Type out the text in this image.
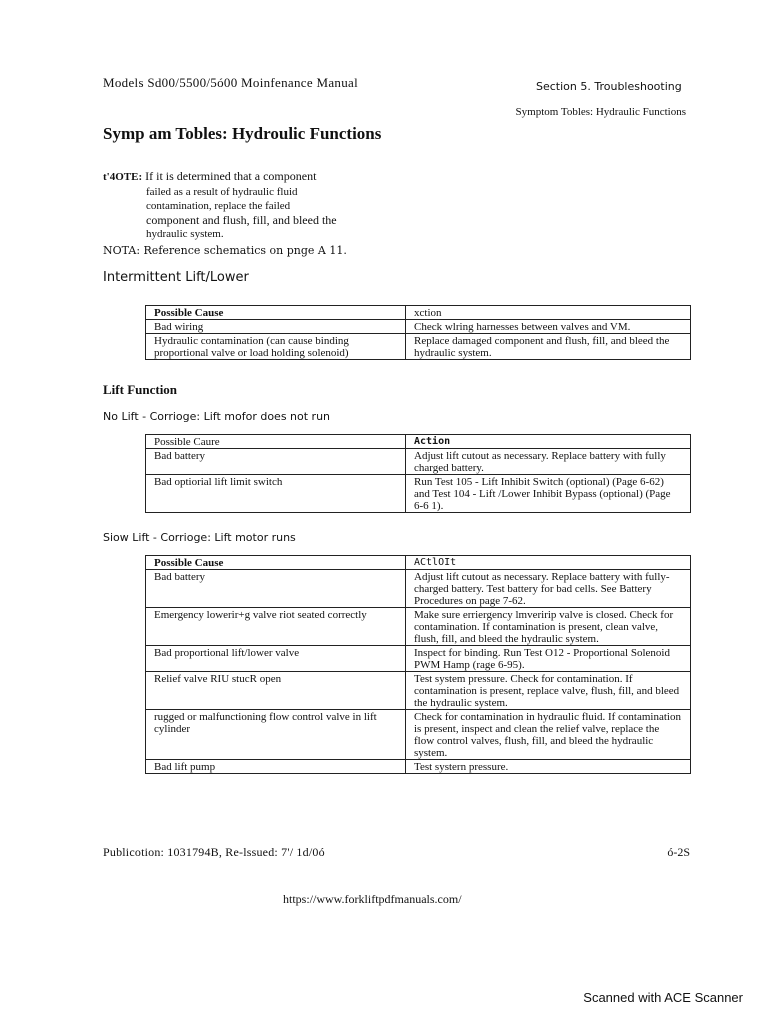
Models Sd00/5500/5ó00 Moinfenance Manual	Section 5. Troubleshooting
Symptom Tobles: Hydraulic Functions
Symp am Tobles: Hydroulic Functions
t'4OTE: If it is determined that a component
failed as a result of hydraulic fluid
contamination, replace the failed
component and flush, fill, and bleed the
hydraulic system.
NOTA: Reference schematics on pnge A 11.
Intermittent Lift/Lower
Possible Cause	xction
Bad wiring	Check wlring harnesses between valves and VM.
Hydraulic contamination (can cause binding proportional valve or load holding solenoid)	Replace damaged component and flush, fill, and bleed the hydraulic system.
Lift Function
No Lift - Corrioge: Lift mofor does not run
Possible Caure	Action
Bad battery	Adjust lift cutout as necessary. Replace battery with fully charged battery.
Bad optiorial lift limit switch	Run Test 105 - Lift Inhibit Switch (optional) (Page 6-62) and Test 104 - Lift /Lower Inhibit Bypass (optional) (Page 6-6 1).
Siow Lift - Corrioge: Lift motor runs
Possible Cause	ACtlOIt
Bad battery	Adjust lift cutout as necessary. Replace battery with fully-charged battery. Test battery for bad cells. See Battery Procedures on page 7-62.
Emergency lowerir+g valve riot seated correctly	Make sure erriergency lmveririp valve is closed. Check for contamination. If contamination is present, clean valve, flush, fill, and bleed the hydraulic system.
Bad proportional lift/lower valve	Inspect for binding. Run Test O12 - Proportional Solenoid PWM Hamp (rage 6-95).
Relief valve RIU stucR open	Test system pressure. Check for contamination. If contamination is present, replace valve, flush, fill, and bleed the hydraulic system.
rugged or malfunctioning flow control valve in lift cylinder	Check for contamination in hydraulic fluid. If contamination is present, inspect and clean the relief valve, replace the flow control valves, flush, fill, and bleed the hydraulic system.
Bad lift pump	Test systern pressure.
Publicotion: 1031794B, Re-lssued: 7'/ 1d/0ó	ó-2S
https://www.forkliftpdfmanuals.com/
Scanned with ACE Scanner
